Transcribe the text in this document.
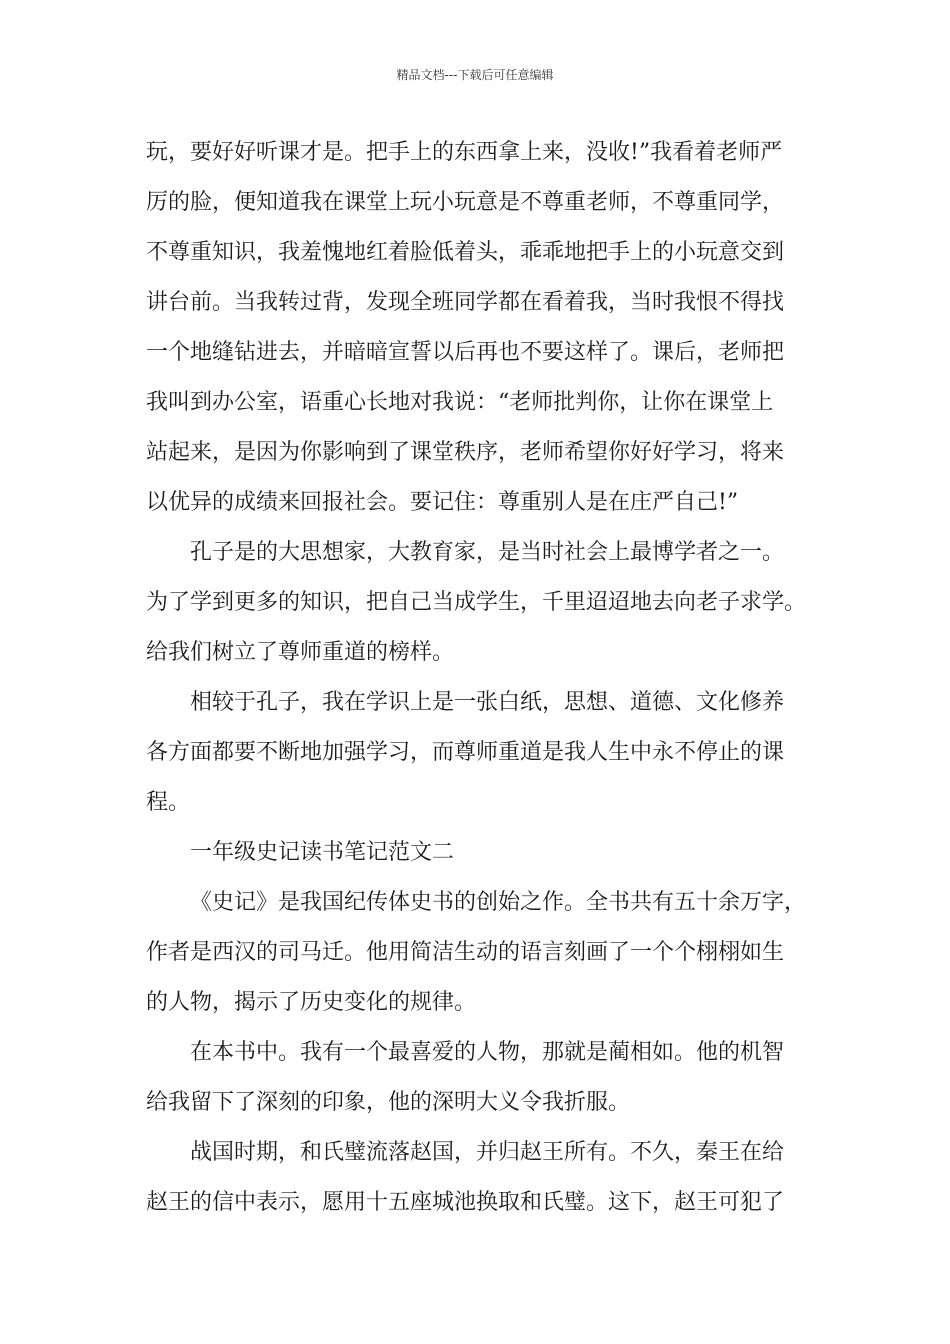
精品文档---下载后可任意编辑
玩，要好好听课才是。把手上的东西拿上来，没收!”我看着老师严
厉的脸，便知道我在课堂上玩小玩意是不尊重老师，不尊重同学，
不尊重知识，我羞愧地红着脸低着头，乖乖地把手上的小玩意交到
讲台前。当我转过背，发现全班同学都在看着我，当时我恨不得找
一个地缝钻进去，并暗暗宣誓以后再也不要这样了。课后，老师把
我叫到办公室，语重心长地对我说：“老师批判你，让你在课堂上
站起来，是因为你影响到了课堂秩序，老师希望你好好学习，将来
以优异的成绩来回报社会。要记住：尊重别人是在庄严自己!”
孔子是的大思想家，大教育家，是当时社会上最博学者之一。
为了学到更多的知识，把自己当成学生，千里迢迢地去向老子求学。
给我们树立了尊师重道的榜样。
相较于孔子，我在学识上是一张白纸，思想、道德、文化修养
各方面都要不断地加强学习，而尊师重道是我人生中永不停止的课
程。
一年级史记读书笔记范文二
《史记》是我国纪传体史书的创始之作。全书共有五十余万字，
作者是西汉的司马迁。他用简洁生动的语言刻画了一个个栩栩如生
的人物，揭示了历史变化的规律。
在本书中。我有一个最喜爱的人物，那就是蔺相如。他的机智
给我留下了深刻的印象，他的深明大义令我折服。
战国时期，和氏璧流落赵国，并归赵王所有。不久，秦王在给
赵王的信中表示，愿用十五座城池换取和氏璧。这下，赵王可犯了
